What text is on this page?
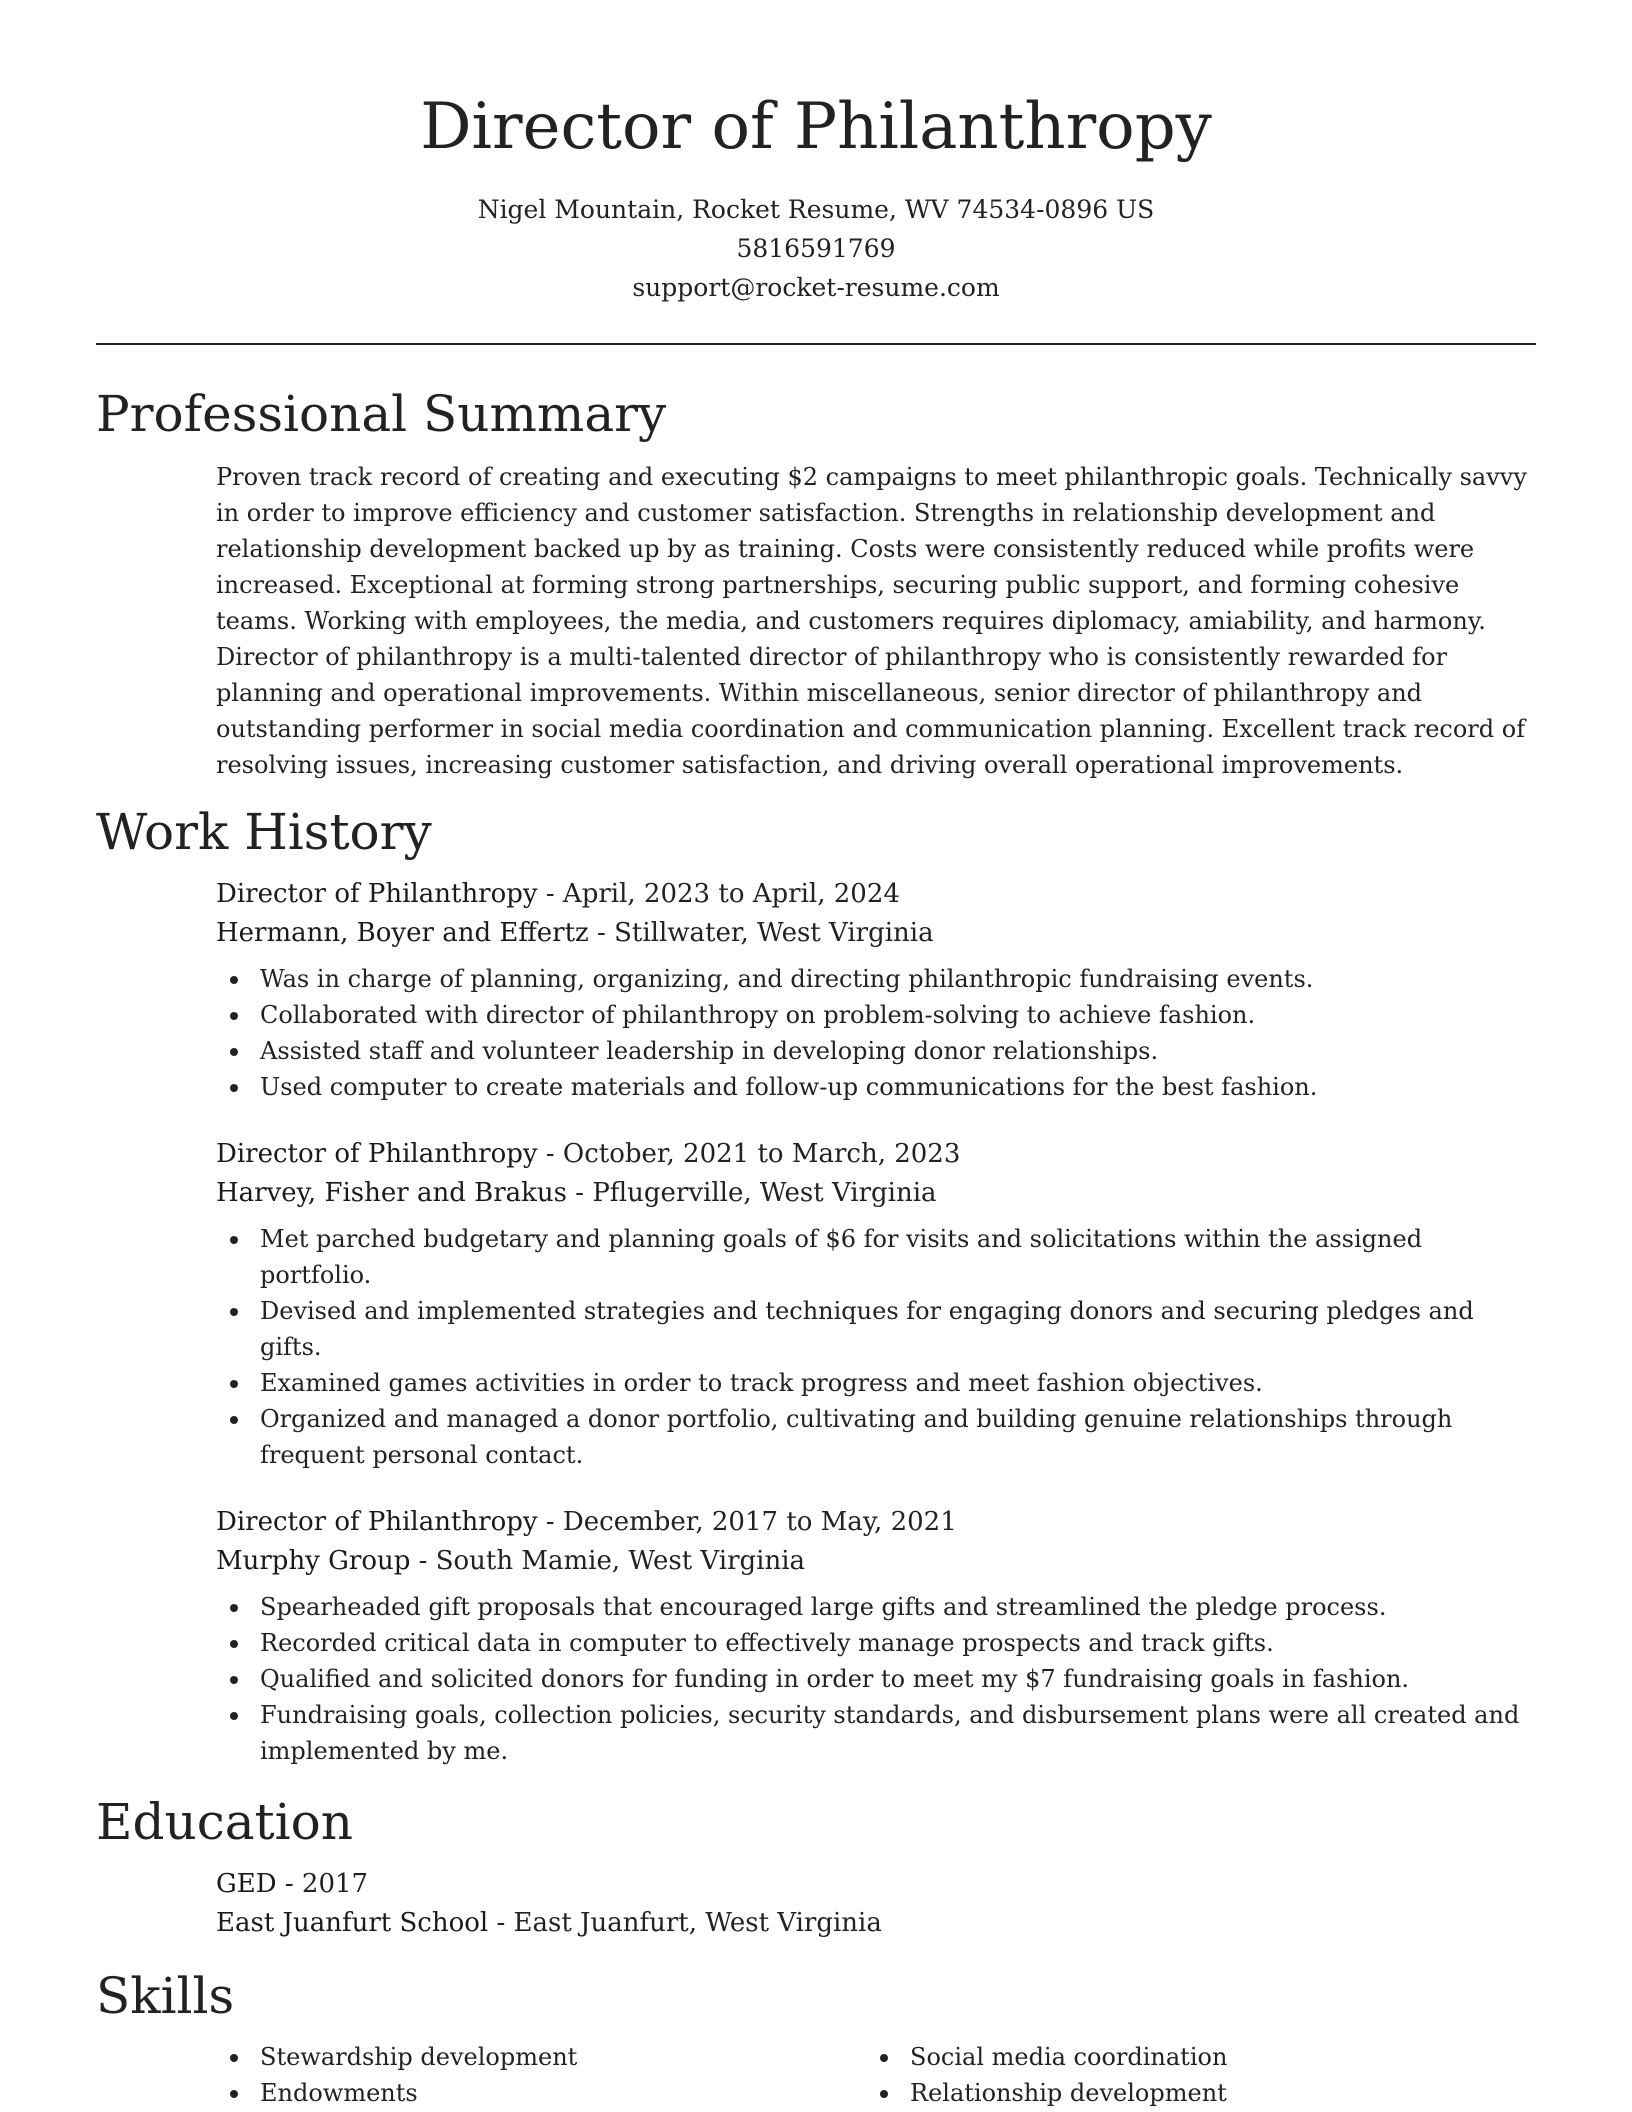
Director of Philanthropy
Nigel Mountain, Rocket Resume, WV 74534-0896 US
5816591769
support@rocket-resume.com
Professional Summary

Proven track record of creating and executing $2 campaigns to meet philanthropic goals. Technically savvy in order to improve efficiency and customer satisfaction. Strengths in relationship development and relationship development backed up by as training. Costs were consistently reduced while profits were increased. Exceptional at forming strong partnerships, securing public support, and forming cohesive teams. Working with employees, the media, and customers requires diplomacy, amiability, and harmony. Director of philanthropy is a multi-talented director of philanthropy who is consistently rewarded for planning and operational improvements. Within miscellaneous, senior director of philanthropy and outstanding performer in social media coordination and communication planning. Excellent track record of resolving issues, increasing customer satisfaction, and driving overall operational improvements.

Work History
Director of Philanthropy - April, 2023 to April, 2024
Hermann, Boyer and Effertz - Stillwater, West Virginia
Was in charge of planning, organizing, and directing philanthropic fundraising events.
Collaborated with director of philanthropy on problem-solving to achieve fashion.
Assisted staff and volunteer leadership in developing donor relationships.
Used computer to create materials and follow-up communications for the best fashion.
Director of Philanthropy - October, 2021 to March, 2023
Harvey, Fisher and Brakus - Pflugerville, West Virginia
Met parched budgetary and planning goals of $6 for visits and solicitations within the assigned portfolio.
Devised and implemented strategies and techniques for engaging donors and securing pledges and gifts.
Examined games activities in order to track progress and meet fashion objectives.
Organized and managed a donor portfolio, cultivating and building genuine relationships through frequent personal contact.
Director of Philanthropy - December, 2017 to May, 2021
Murphy Group - South Mamie, West Virginia
Spearheaded gift proposals that encouraged large gifts and streamlined the pledge process.
Recorded critical data in computer to effectively manage prospects and track gifts.
Qualified and solicited donors for funding in order to meet my $7 fundraising goals in fashion.
Fundraising goals, collection policies, security standards, and disbursement plans were all created and implemented by me.
Education
GED - 2017
East Juanfurt School - East Juanfurt, West Virginia
Skills
Stewardship development
Endowments
Social media coordination
Relationship development
